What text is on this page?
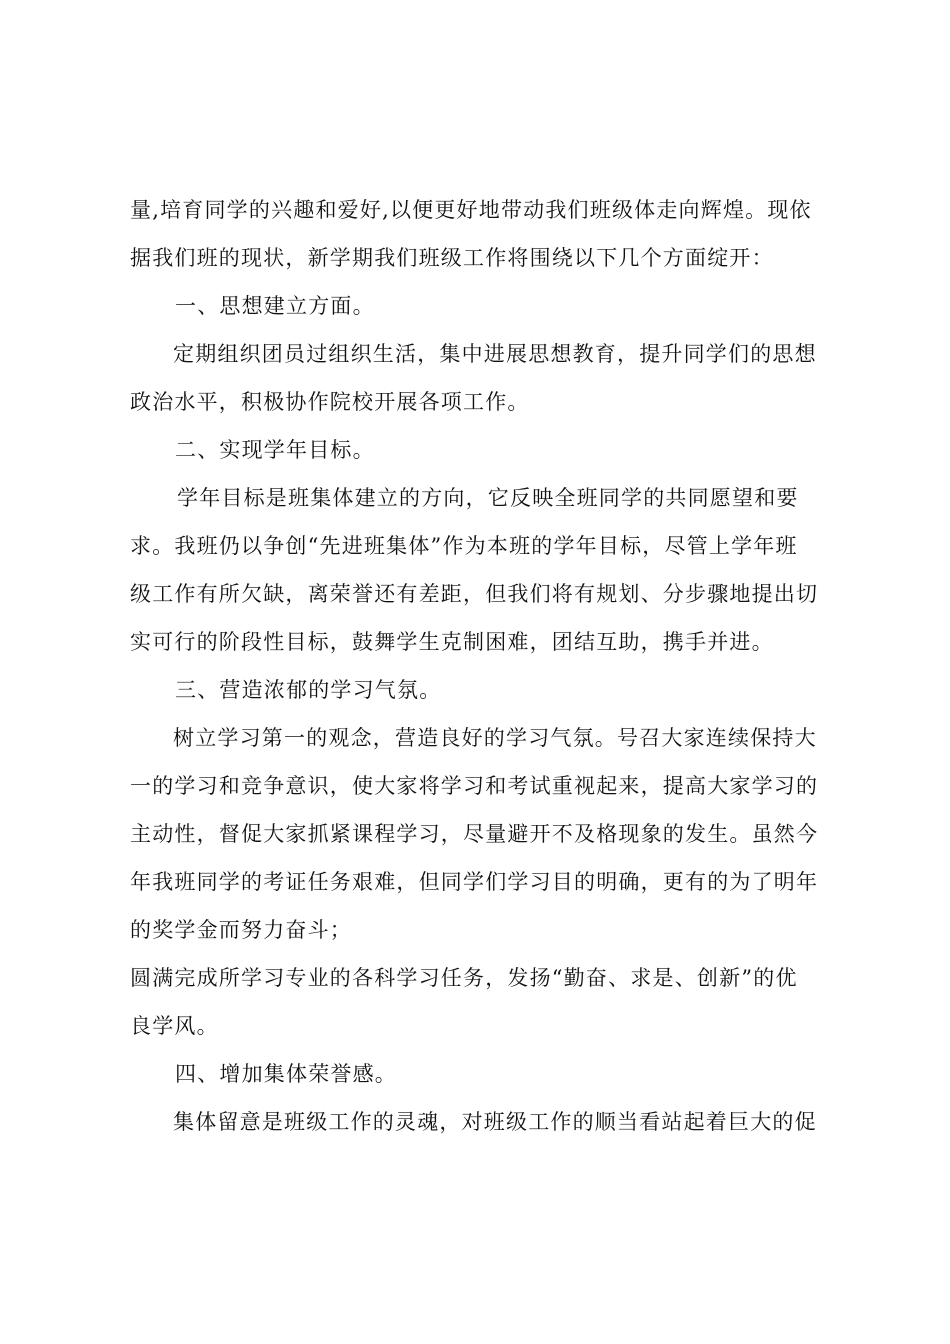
量,培育同学的兴趣和爱好,以便更好地带动我们班级体走向辉煌。现依
据我们班的现状，新学期我们班级工作将围绕以下几个方面绽开：
一、思想建立方面。
定期组织团员过组织生活，集中进展思想教育，提升同学们的思想
政治水平，积极协作院校开展各项工作。
二、实现学年目标。
学年目标是班集体建立的方向，它反映全班同学的共同愿望和要
求。我班仍以争创“先进班集体”作为本班的学年目标，尽管上学年班
级工作有所欠缺，离荣誉还有差距，但我们将有规划、分步骤地提出切
实可行的阶段性目标，鼓舞学生克制困难，团结互助，携手并进。
三、营造浓郁的学习气氛。
树立学习第一的观念，营造良好的学习气氛。号召大家连续保持大
一的学习和竞争意识，使大家将学习和考试重视起来，提高大家学习的
主动性，督促大家抓紧课程学习，尽量避开不及格现象的发生。虽然今
年我班同学的考证任务艰难，但同学们学习目的明确，更有的为了明年
的奖学金而努力奋斗；
圆满完成所学习专业的各科学习任务，发扬“勤奋、求是、创新”的优
良学风。
四、增加集体荣誉感。
集体留意是班级工作的灵魂，对班级工作的顺当看站起着巨大的促
